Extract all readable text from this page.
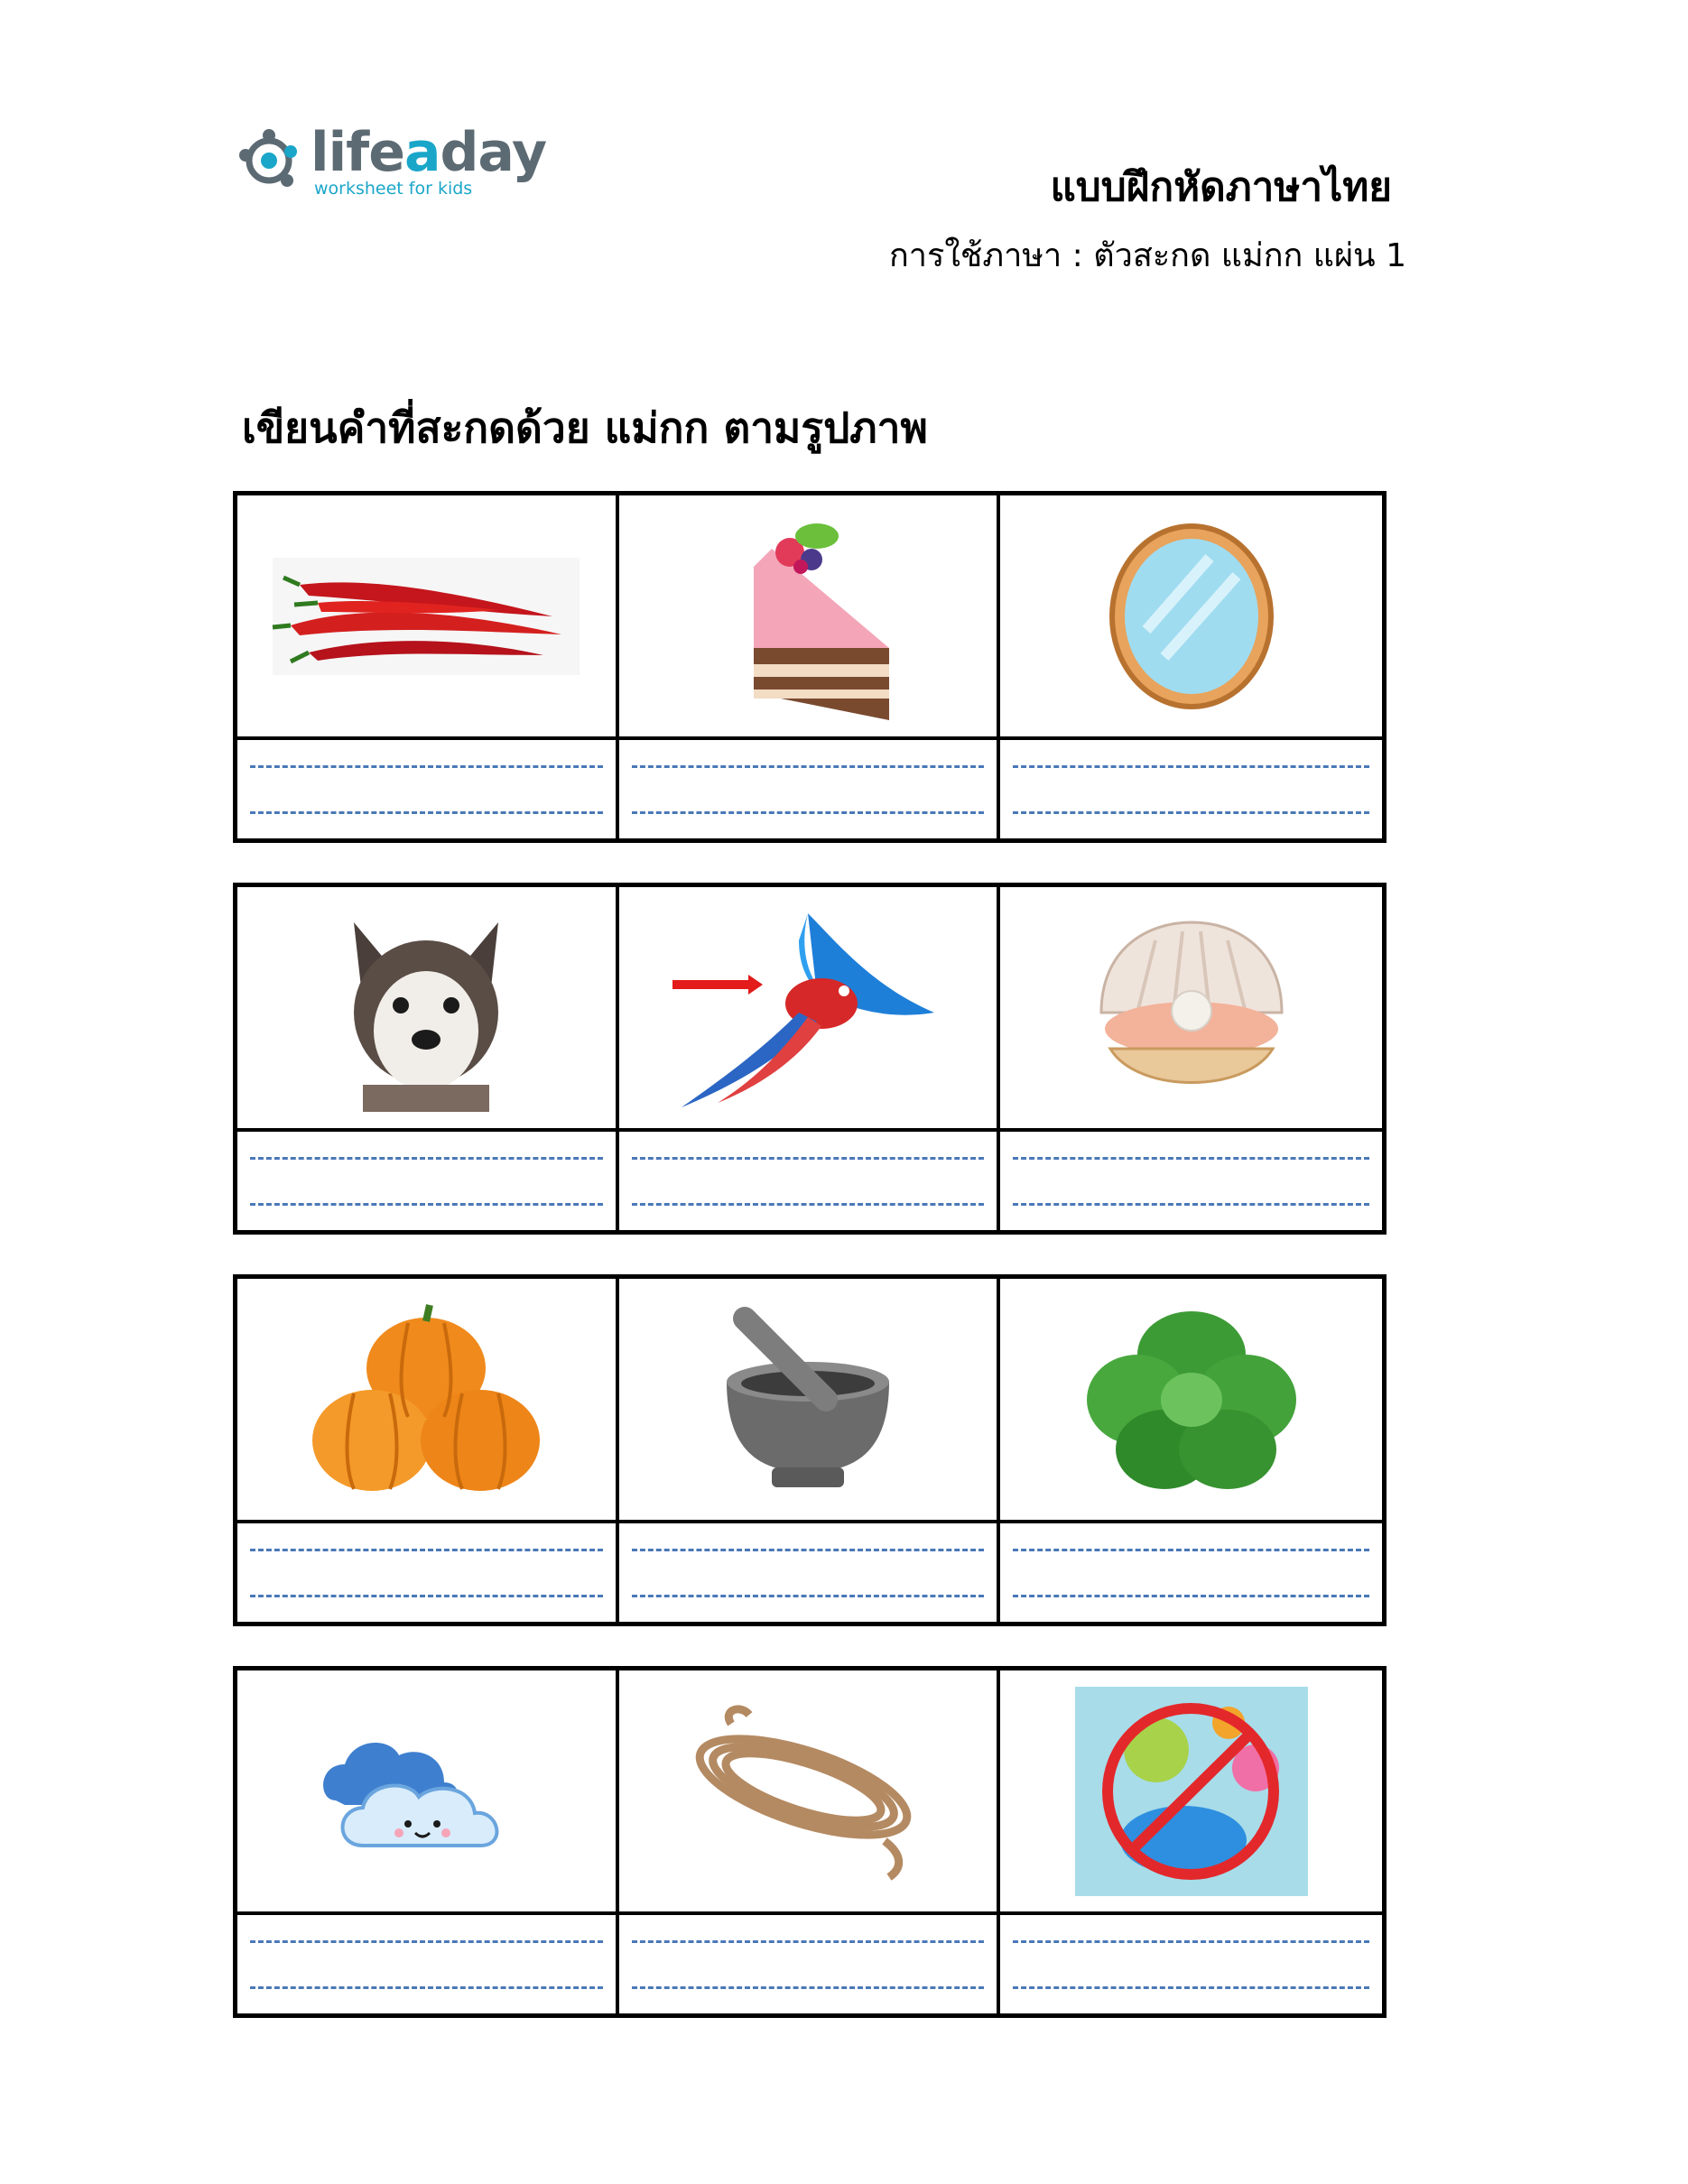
lifeaday
worksheet for kids	แบบฝึกหัดภาษาไทย
การใช้ภาษา : ตัวสะกด แม่กก แผ่น 1
เขียนคำที่สะกดด้วย แม่กก ตามรูปภาพ
